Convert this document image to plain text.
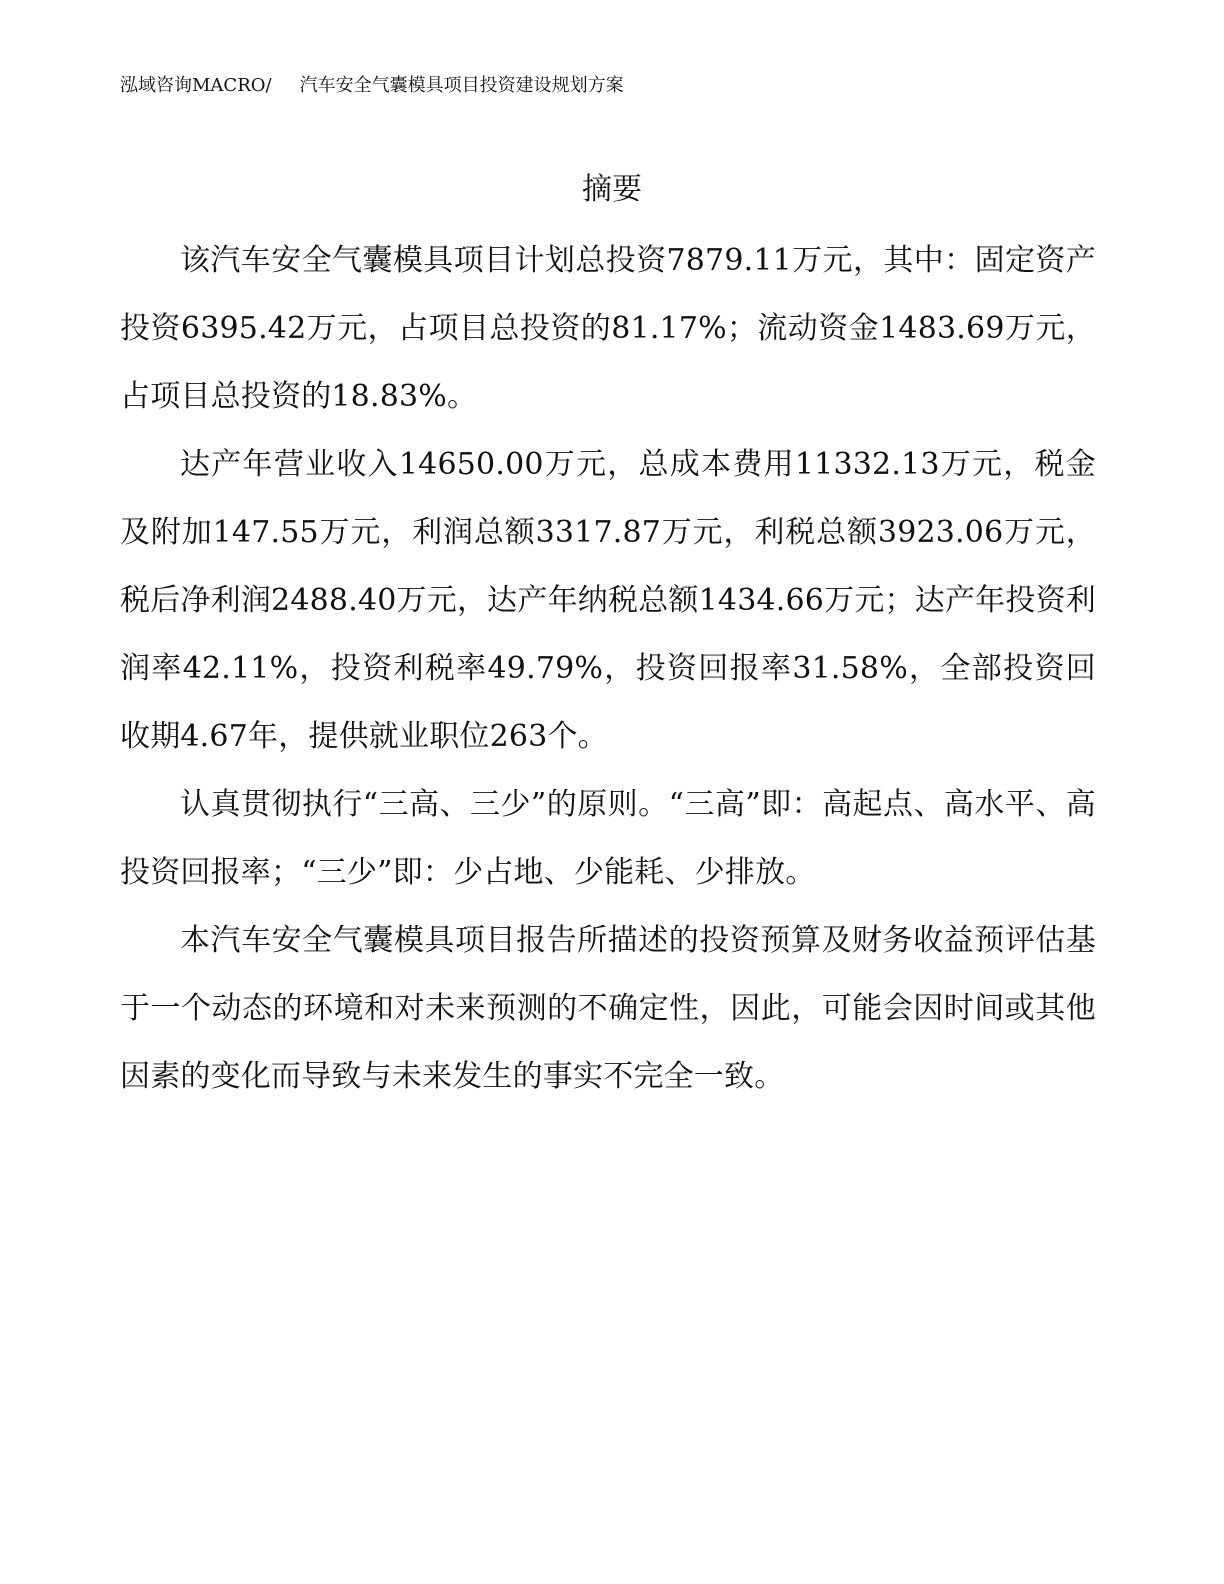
泓域咨询MACRO/ 汽车安全气囊模具项目投资建设规划方案
摘要

该汽车安全气囊模具项目计划总投资7879.11万元，其中：固定资产投资6395.42万元，占项目总投资的81.17%；流动资金1483.69万元，占项目总投资的18.83%。

达产年营业收入14650.00万元，总成本费用11332.13万元，税金及附加147.55万元，利润总额3317.87万元，利税总额3923.06万元，税后净利润2488.40万元，达产年纳税总额1434.66万元；达产年投资利润率42.11%，投资利税率49.79%，投资回报率31.58%，全部投资回收期4.67年，提供就业职位263个。

认真贯彻执行“三高、三少”的原则。“三高”即：高起点、高水平、高投资回报率；“三少”即：少占地、少能耗、少排放。

本汽车安全气囊模具项目报告所描述的投资预算及财务收益预评估基于一个动态的环境和对未来预测的不确定性，因此，可能会因时间或其他因素的变化而导致与未来发生的事实不完全一致。
